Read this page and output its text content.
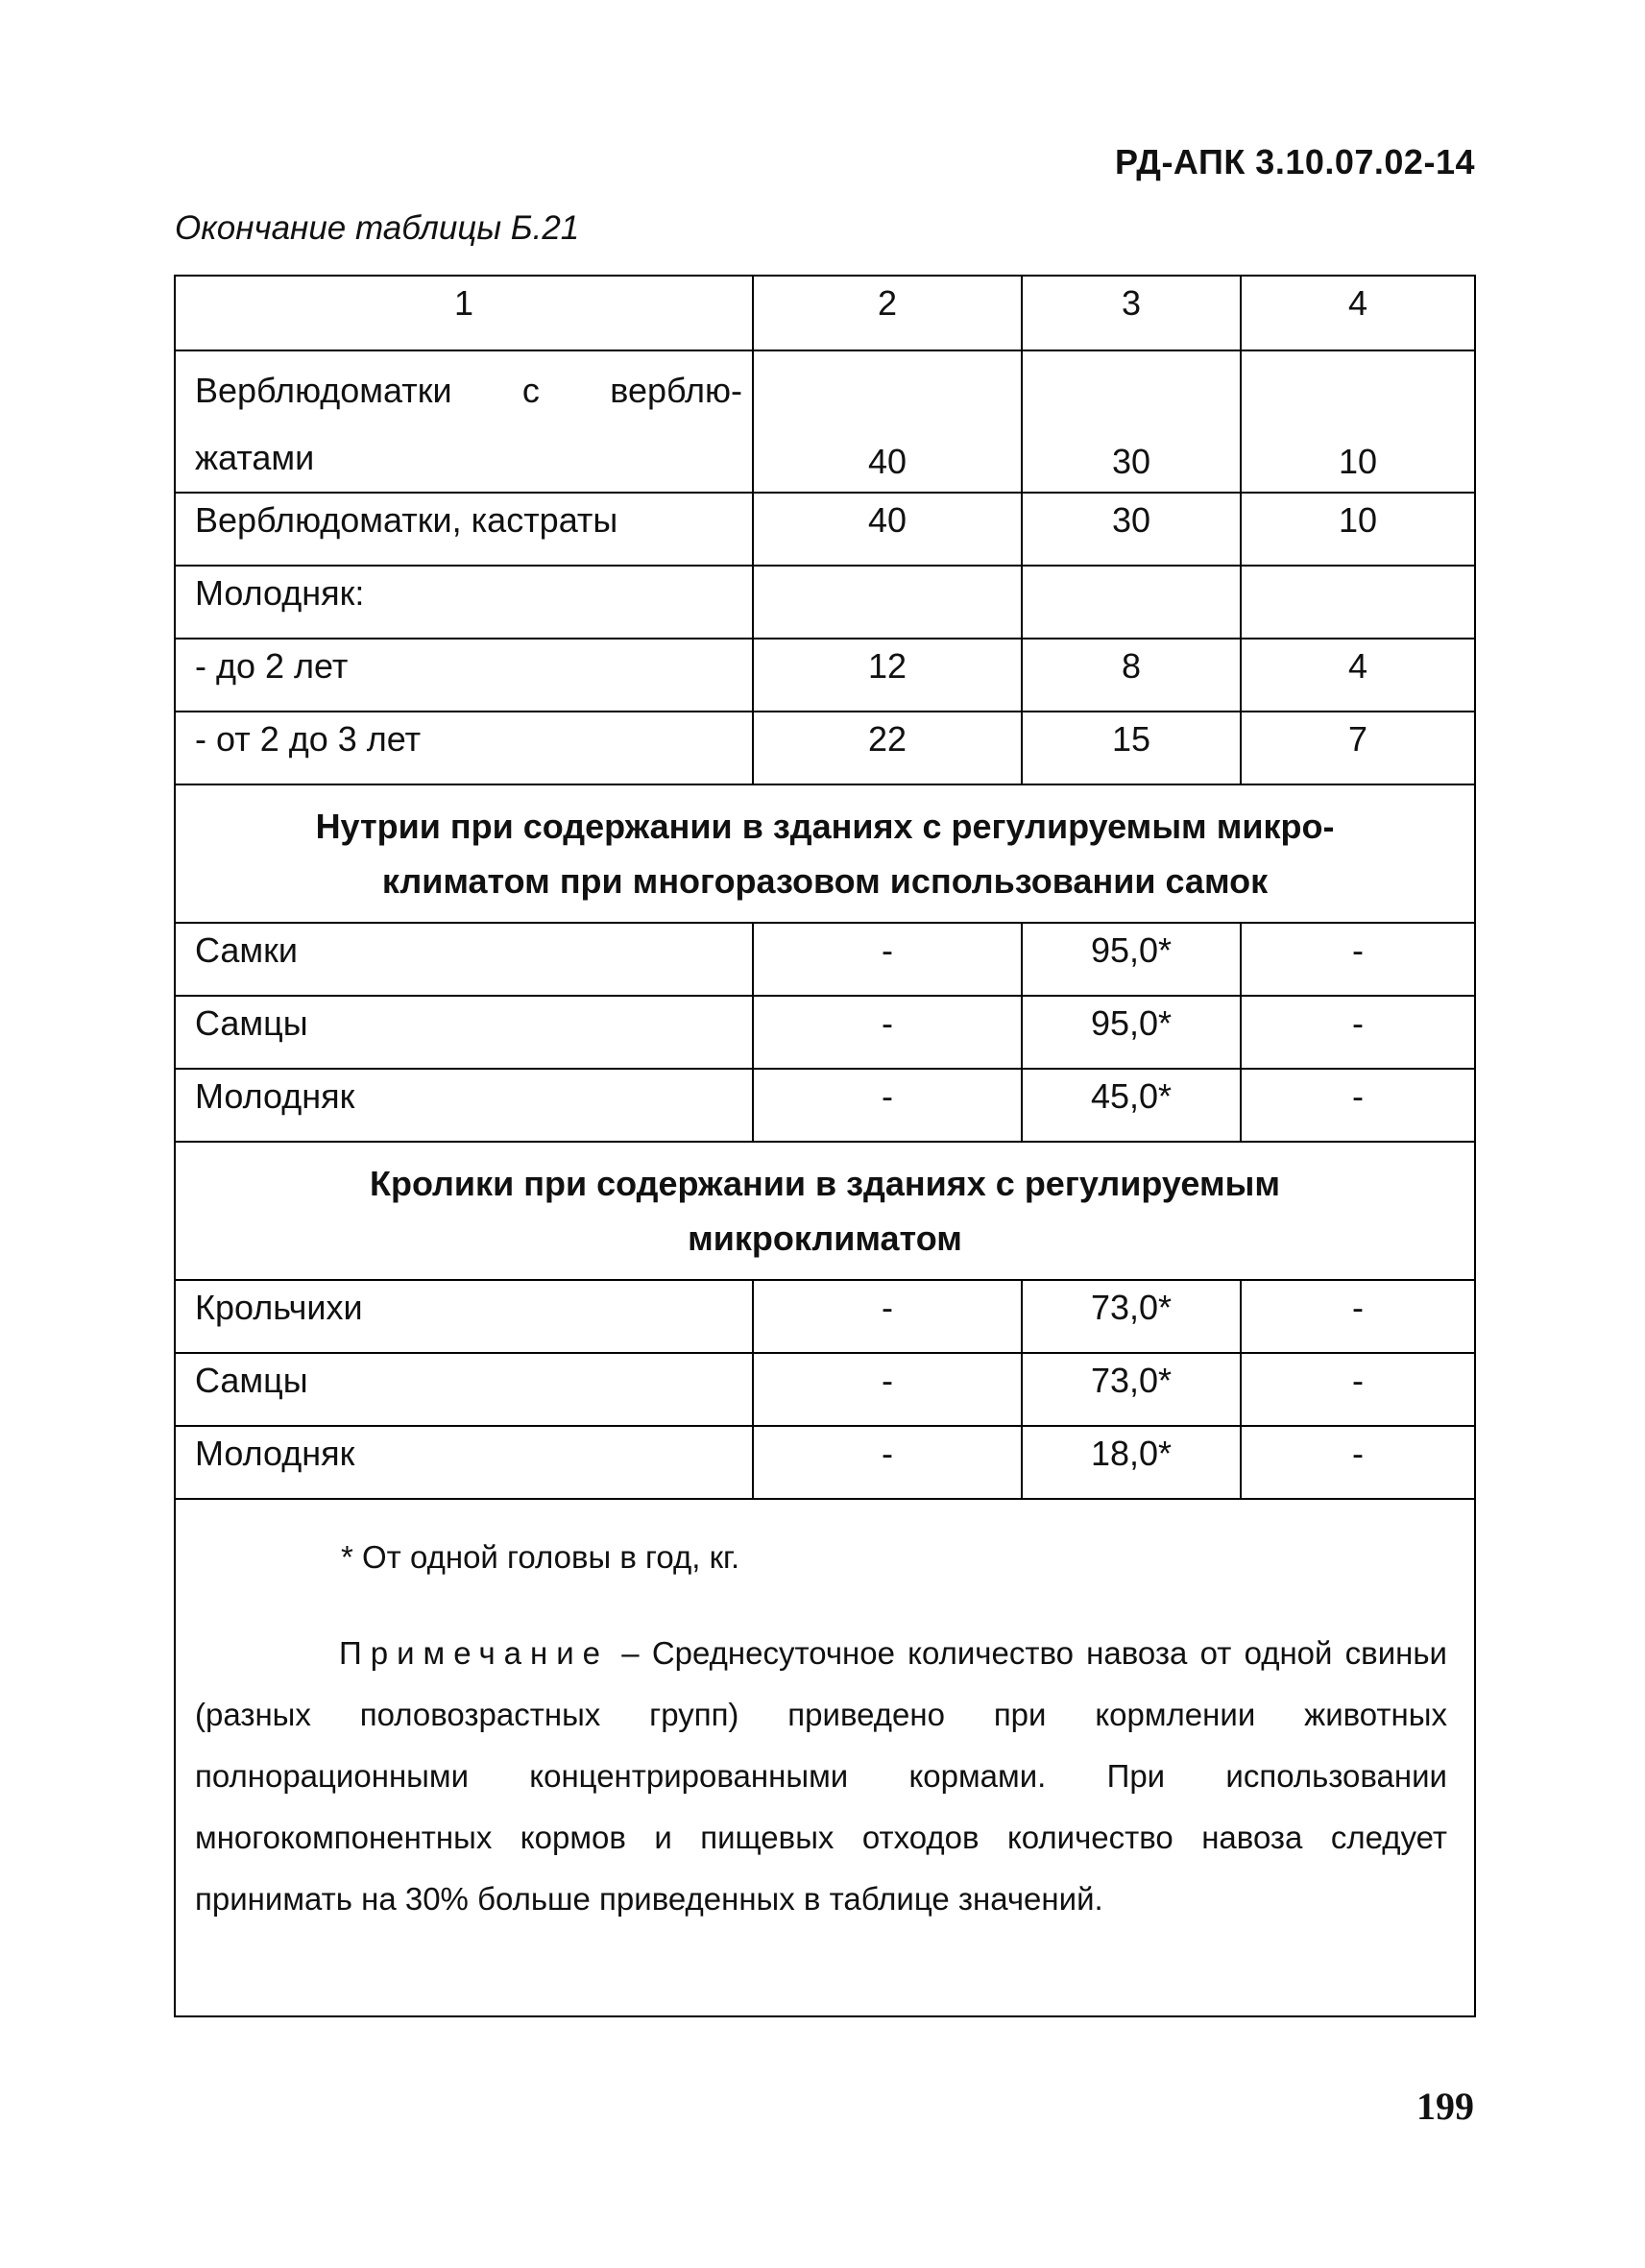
РД-АПК 3.10.07.02-14
Окончание таблицы Б.21
1	2	3	4

Верблюдоматки с верблю-
жатами	40	30	10
Верблюдоматки, кастраты	40	30	10
Молодняк:			
- до 2 лет	12	8	4
- от 2 до 3 лет	22	15	7
Нутрии при содержании в зданиях с регулируемым микро-
климатом при многоразовом использовании самок			
Самки	-	95,0*	-
Самцы	-	95,0*	-
Молодняк	-	45,0*	-
Кролики при содержании в зданиях с регулируемым
микроклиматом			
Крольчихи	-	73,0*	-
Самцы	-	73,0*	-
Молодняк	-	18,0*	-

* От одной головы в год, кг.
Примечание – Среднесуточное количество навоза от одной свиньи (разных половозрастных групп) приведено при кормлении животных полнорационными концентрированными кормами. При использовании многокомпонентных кормов и пищевых отходов количество навоза следует принимать на 30% больше приведенных в таблице значений.			
199
